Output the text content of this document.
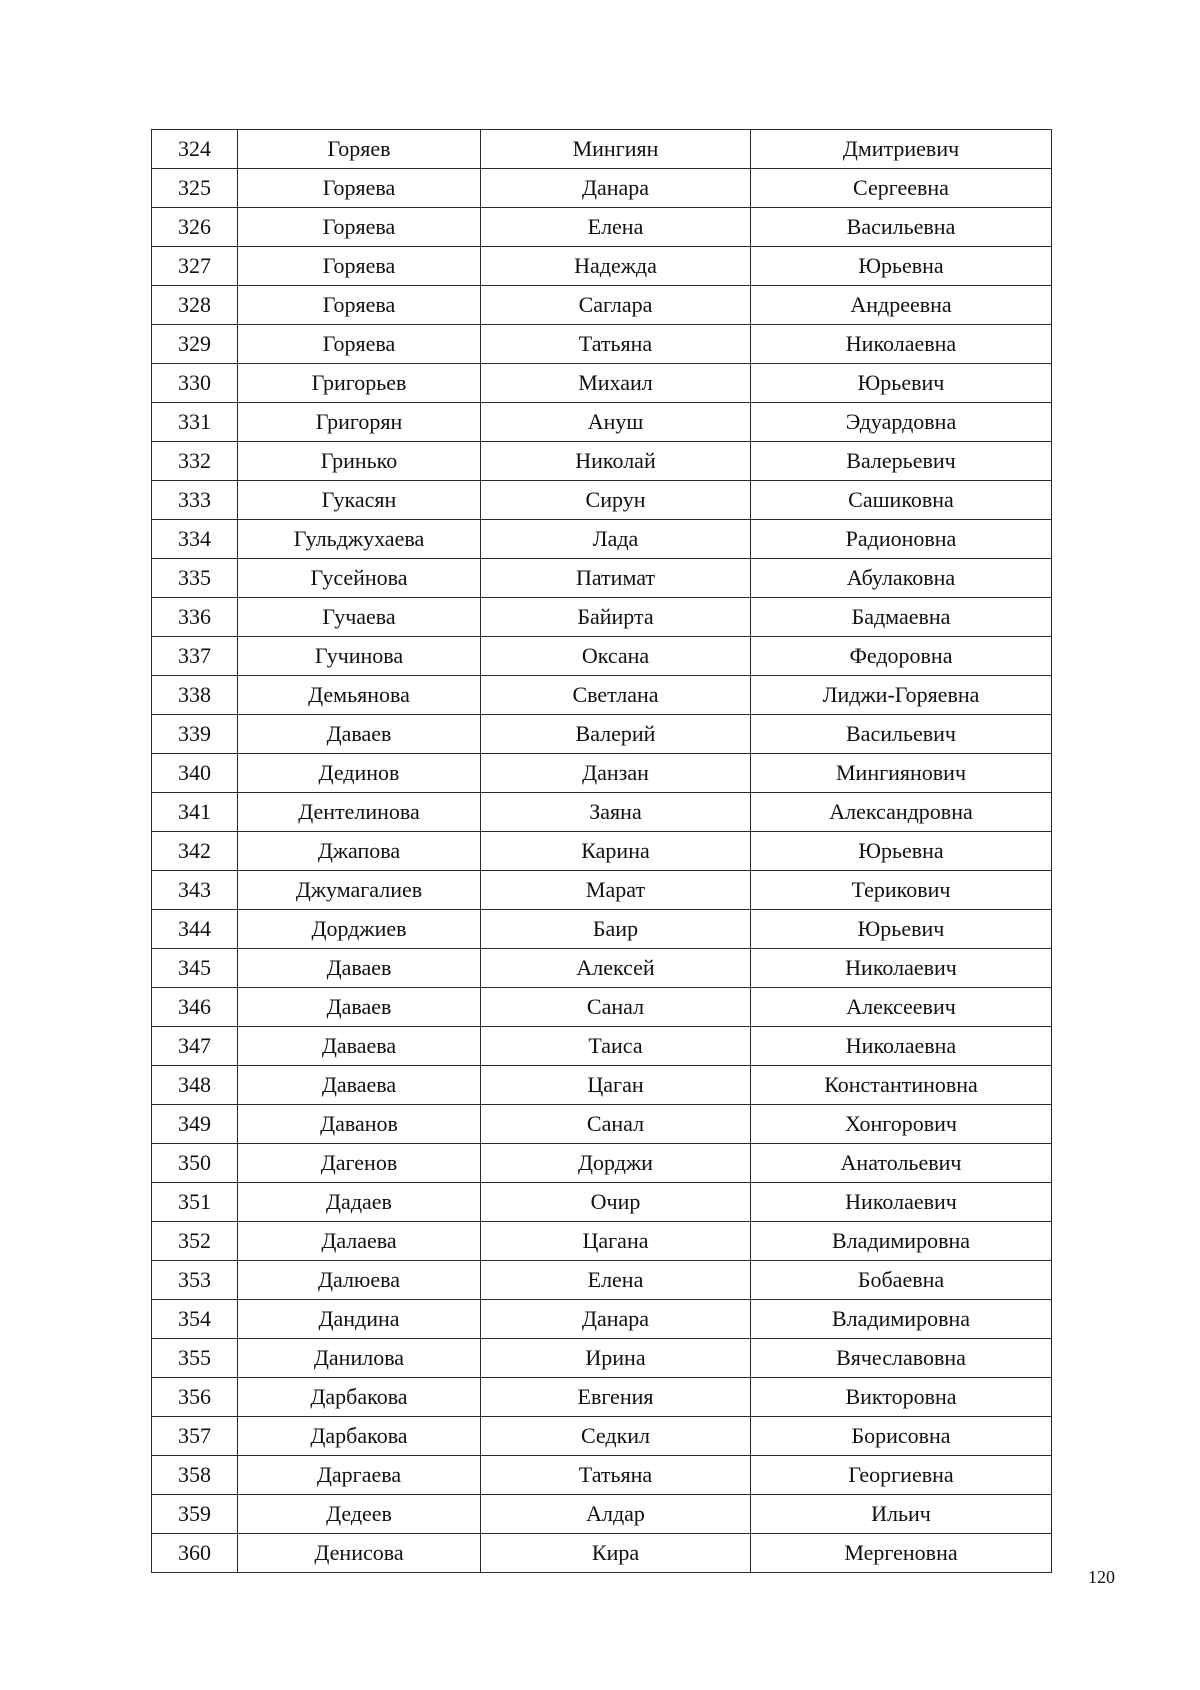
324	Горяев	Мингиян	Дмитриевич
325	Горяева	Данара	Сергеевна
326	Горяева	Елена	Васильевна
327	Горяева	Надежда	Юрьевна
328	Горяева	Саглара	Андреевна
329	Горяева	Татьяна	Николаевна
330	Григорьев	Михаил	Юрьевич
331	Григорян	Ануш	Эдуардовна
332	Гринько	Николай	Валерьевич
333	Гукасян	Сирун	Сашиковна
334	Гульджухаева	Лада	Радионовна
335	Гусейнова	Патимат	Абулаковна
336	Гучаева	Байирта	Бадмаевна
337	Гучинова	Оксана	Федоровна
338	Демьянова	Светлана	Лиджи-Горяевна
339	Даваев	Валерий	Васильевич
340	Дединов	Данзан	Мингиянович
341	Дентелинова	Заяна	Александровна
342	Джапова	Карина	Юрьевна
343	Джумагалиев	Марат	Терикович
344	Дорджиев	Баир	Юрьевич
345	Даваев	Алексей	Николаевич
346	Даваев	Санал	Алексеевич
347	Даваева	Таиса	Николаевна
348	Даваева	Цаган	Константиновна
349	Даванов	Санал	Хонгорович
350	Дагенов	Дорджи	Анатольевич
351	Дадаев	Очир	Николаевич
352	Далаева	Цагана	Владимировна
353	Далюева	Елена	Бобаевна
354	Дандина	Данара	Владимировна
355	Данилова	Ирина	Вячеславовна
356	Дарбакова	Евгения	Викторовна
357	Дарбакова	Седкил	Борисовна
358	Даргаева	Татьяна	Георгиевна
359	Дедеев	Алдар	Ильич
360	Денисова	Кира	Мергеновна
120
